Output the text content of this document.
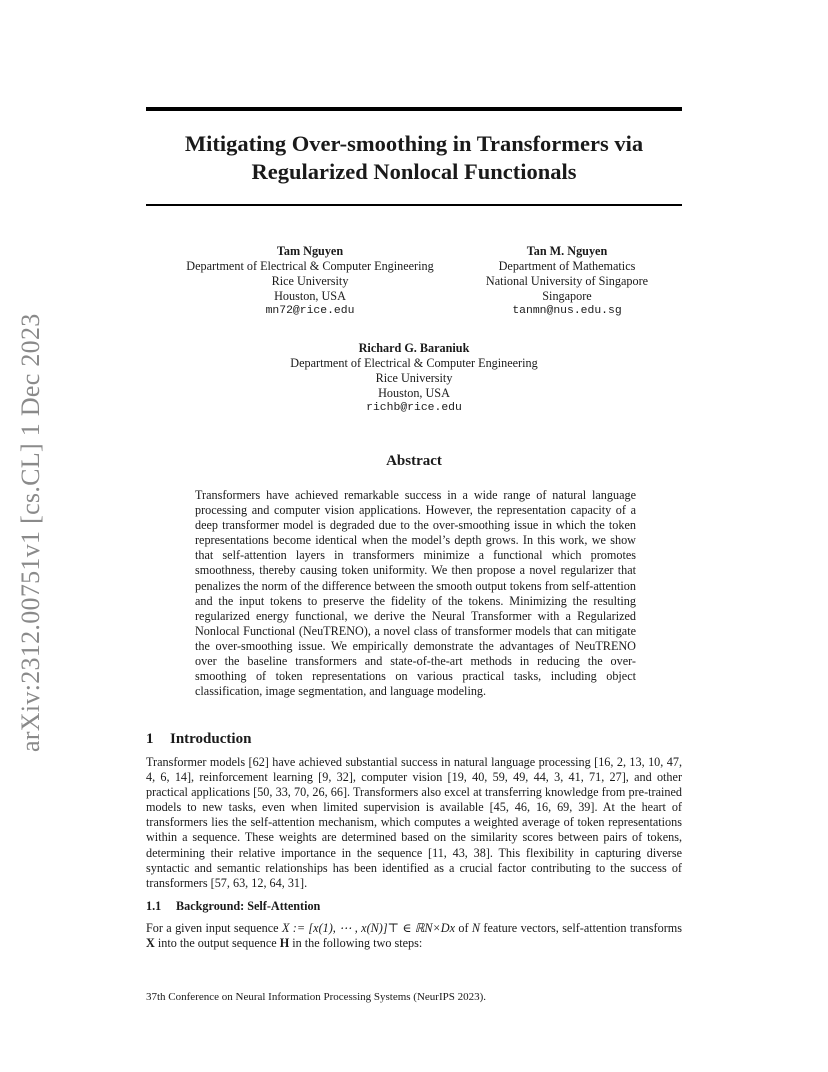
arXiv:2312.00751v1 [cs.CL] 1 Dec 2023
Mitigating Over-smoothing in Transformers via
Regularized Nonlocal Functionals
Tam Nguyen
Department of Electrical & Computer Engineering
Rice University
Houston, USA
mn72@rice.edu
Tan M. Nguyen
Department of Mathematics
National University of Singapore
Singapore
tanmn@nus.edu.sg
Richard G. Baraniuk
Department of Electrical & Computer Engineering
Rice University
Houston, USA
richb@rice.edu
Abstract

Transformers have achieved remarkable success in a wide range of natural language processing and computer vision applications. However, the representation capacity of a deep transformer model is degraded due to the over-smoothing issue in which the token representations become identical when the model’s depth grows. In this work, we show that self-attention layers in transformers minimize a functional which promotes smoothness, thereby causing token uniformity. We then propose a novel regularizer that penalizes the norm of the difference between the smooth output tokens from self-attention and the input tokens to preserve the fidelity of the tokens. Minimizing the resulting regularized energy functional, we derive the Neural Transformer with a Regularized Nonlocal Functional (NeuTRENO), a novel class of transformer models that can mitigate the over-smoothing issue. We empirically demonstrate the advantages of NeuTRENO over the baseline transformers and state-of-the-art methods in reducing the over-smoothing of token representations on various practical tasks, including object classification, image segmentation, and language modeling.

1 Introduction

Transformer models [62] have achieved substantial success in natural language processing [16, 2, 13, 10, 47, 4, 6, 14], reinforcement learning [9, 32], computer vision [19, 40, 59, 49, 44, 3, 41, 71, 27], and other practical applications [50, 33, 70, 26, 66]. Transformers also excel at transferring knowledge from pre-trained models to new tasks, even when limited supervision is available [45, 46, 16, 69, 39]. At the heart of transformers lies the self-attention mechanism, which computes a weighted average of token representations within a sequence. These weights are determined based on the similarity scores between pairs of tokens, determining their relative importance in the sequence [11, 43, 38]. This flexibility in capturing diverse syntactic and semantic relationships has been identified as a crucial factor contributing to the success of transformers [57, 63, 12, 64, 31].

1.1 Background: Self-Attention

For a given input sequence X := [x(1), ⋯ , x(N)]⊤ ∈ ℝN×Dx of N feature vectors, self-attention transforms X into the output sequence H in the following two steps:

37th Conference on Neural Information Processing Systems (NeurIPS 2023).
